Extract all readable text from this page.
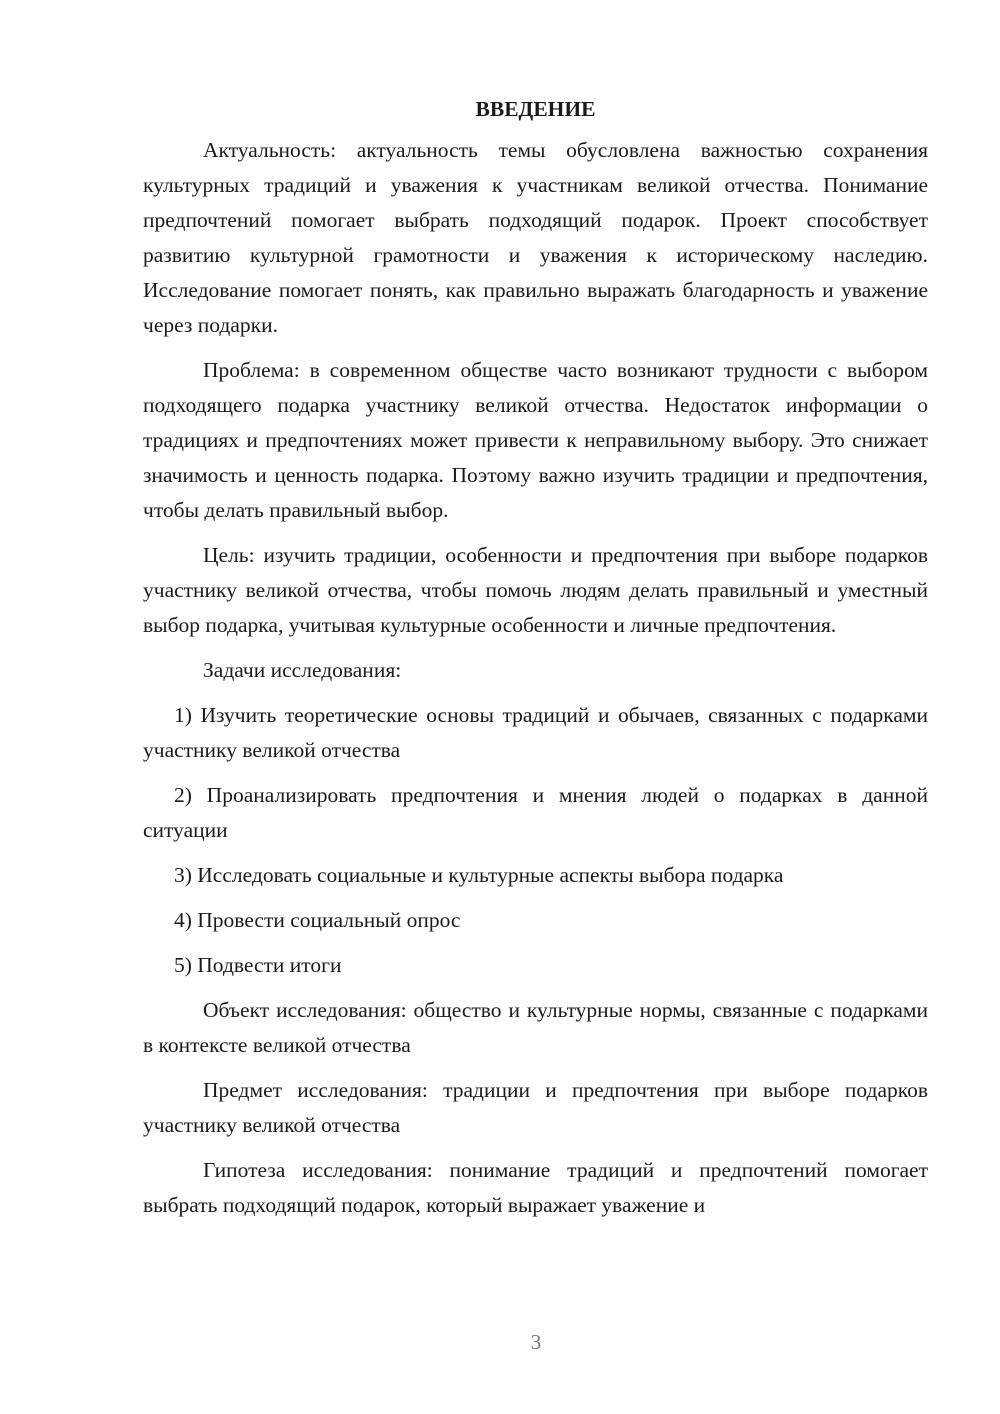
ВВЕДЕНИЕ

Актуальность: актуальность темы обусловлена важностью сохранения культурных традиций и уважения к участникам великой отчества. Понимание предпочтений помогает выбрать подходящий подарок. Проект способствует развитию культурной грамотности и уважения к историческому наследию. Исследование помогает понять, как правильно выражать благодарность и уважение через подарки.

Проблема: в современном обществе часто возникают трудности с выбором подходящего подарка участнику великой отчества. Недостаток информации о традициях и предпочтениях может привести к неправильному выбору. Это снижает значимость и ценность подарка. Поэтому важно изучить традиции и предпочтения, чтобы делать правильный выбор.

Цель: изучить традиции, особенности и предпочтения при выборе подарков участнику великой отчества, чтобы помочь людям делать правильный и уместный выбор подарка, учитывая культурные особенности и личные предпочтения.

Задачи исследования:

1) Изучить теоретические основы традиций и обычаев, связанных с подарками участнику великой отчества

2) Проанализировать предпочтения и мнения людей о подарках в данной ситуации

3) Исследовать социальные и культурные аспекты выбора подарка

4) Провести социальный опрос

5) Подвести итоги

Объект исследования: общество и культурные нормы, связанные с подарками в контексте великой отчества

Предмет исследования: традиции и предпочтения при выборе подарков участнику великой отчества

Гипотеза исследования: понимание традиций и предпочтений помогает выбрать подходящий подарок, который выражает уважение и

3
